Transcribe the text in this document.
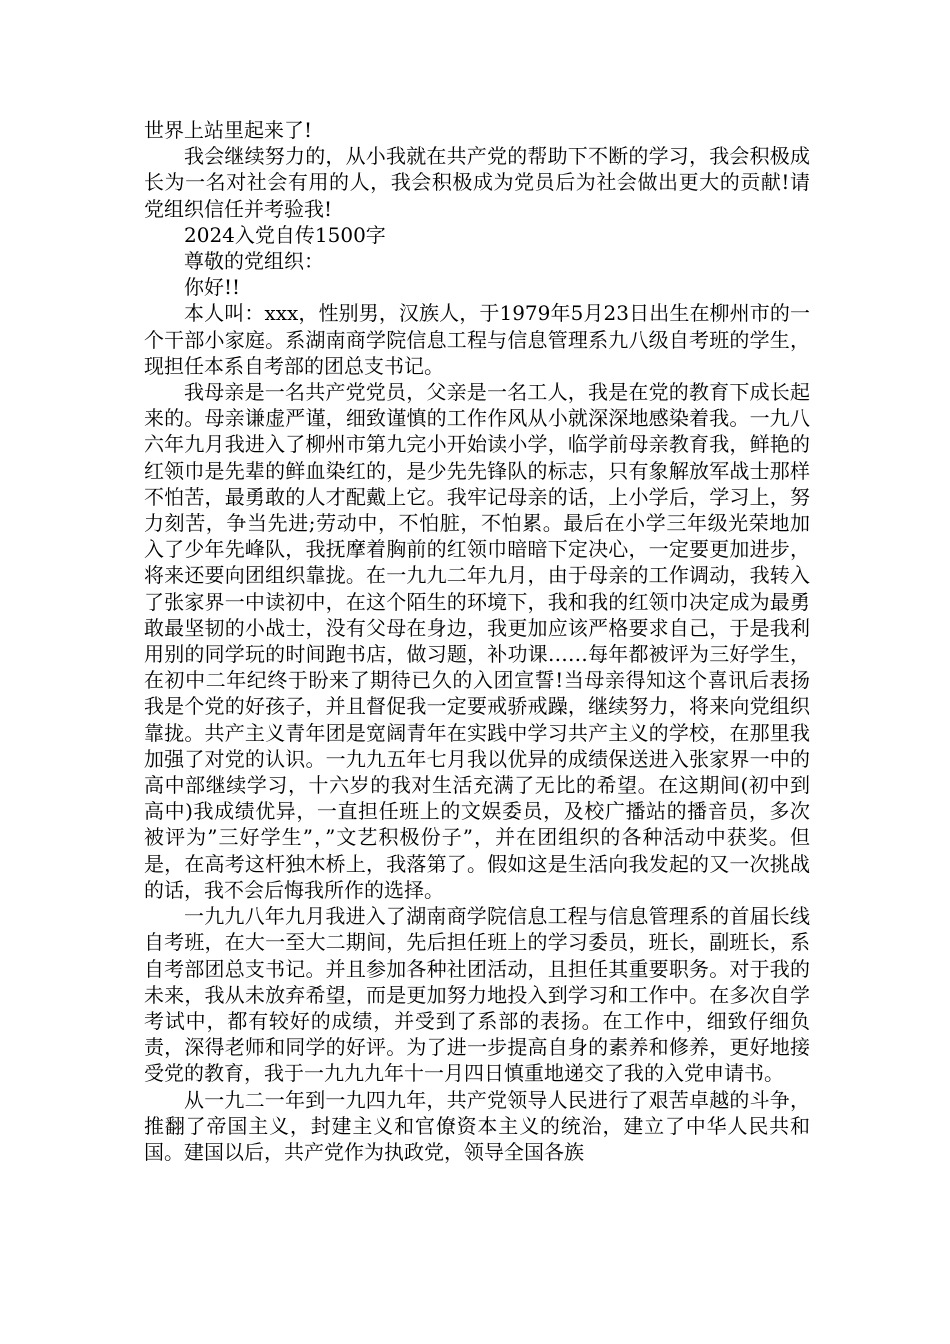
世界上站里起来了!

我会继续努力的，从小我就在共产党的帮助下不断的学习，我会积极成长为一名对社会有用的人，我会积极成为党员后为社会做出更大的贡献!请党组织信任并考验我!

2024入党自传1500字

尊敬的党组织：

你好!!

本人叫：xxx，性别男，汉族人，于1979年5月23日出生在柳州市的一个干部小家庭。系湖南商学院信息工程与信息管理系九八级自考班的学生，现担任本系自考部的团总支书记。

我母亲是一名共产党党员，父亲是一名工人，我是在党的教育下成长起来的。母亲谦虚严谨，细致谨慎的工作作风从小就深深地感染着我。一九八六年九月我进入了柳州市第九完小开始读小学，临学前母亲教育我，鲜艳的红领巾是先辈的鲜血染红的，是少先先锋队的标志，只有象解放军战士那样不怕苦，最勇敢的人才配戴上它。我牢记母亲的话，上小学后，学习上，努力刻苦，争当先进;劳动中，不怕脏，不怕累。最后在小学三年级光荣地加入了少年先峰队，我抚摩着胸前的红领巾暗暗下定决心，一定要更加进步，将来还要向团组织靠拢。在一九九二年九月，由于母亲的工作调动，我转入了张家界一中读初中，在这个陌生的环境下，我和我的红领巾决定成为最勇敢最坚韧的小战士，没有父母在身边，我更加应该严格要求自己，于是我利用别的同学玩的时间跑书店，做习题，补功课……每年都被评为三好学生，在初中二年纪终于盼来了期待已久的入团宣誓!当母亲得知这个喜讯后表扬我是个党的好孩子，并且督促我一定要戒骄戒躁，继续努力，将来向党组织靠拢。共产主义青年团是宽阔青年在实践中学习共产主义的学校，在那里我加强了对党的认识。一九九五年七月我以优异的成绩保送进入张家界一中的高中部继续学习，十六岁的我对生活充满了无比的希望。在这期间(初中到高中)我成绩优异，一直担任班上的文娱委员，及校广播站的播音员，多次被评为”三好学生”，”文艺积极份子”，并在团组织的各种活动中获奖。但是，在高考这杆独木桥上，我落第了。假如这是生活向我发起的又一次挑战的话，我不会后悔我所作的选择。

一九九八年九月我进入了湖南商学院信息工程与信息管理系的首届长线自考班，在大一至大二期间，先后担任班上的学习委员，班长，副班长，系自考部团总支书记。并且参加各种社团活动，且担任其重要职务。对于我的未来，我从未放弃希望，而是更加努力地投入到学习和工作中。在多次自学考试中，都有较好的成绩，并受到了系部的表扬。在工作中，细致仔细负责，深得老师和同学的好评。为了进一步提高自身的素养和修养，更好地接受党的教育，我于一九九九年十一月四日慎重地递交了我的入党申请书。

从一九二一年到一九四九年，共产党领导人民进行了艰苦卓越的斗争，推翻了帝国主义，封建主义和官僚资本主义的统治，建立了中华人民共和国。建国以后，共产党作为执政党，领导全国各族
